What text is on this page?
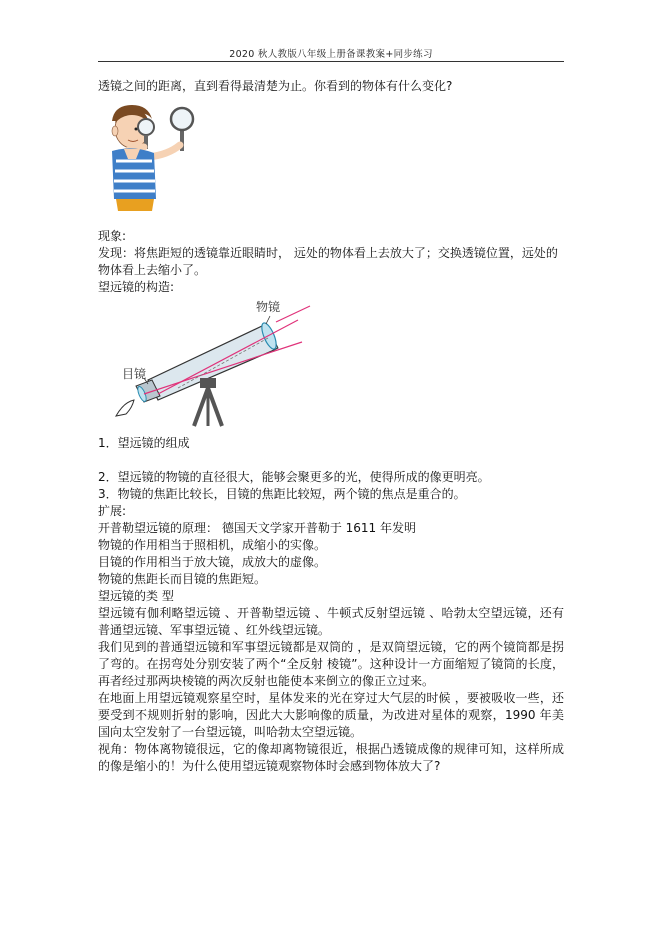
2020 秋人教版八年级上册备课教案+同步练习

透镜之间的距离，直到看得最清楚为止。你看到的物体有什么变化?

现象:

发现：将焦距短的透镜靠近眼睛时， 远处的物体看上去放大了；交换透镜位置，远处的

物体看上去缩小了。

望远镜的构造:

物镜
目镜

1．望远镜的组成

2．望远镜的物镜的直径很大，能够会聚更多的光，使得所成的像更明亮。

3．物镜的焦距比较长，目镜的焦距比较短，两个镜的焦点是重合的。

扩展:

开普勒望远镜的原理： 德国天文学家开普勒于 1611 年发明

物镜的作用相当于照相机，成缩小的实像。

目镜的作用相当于放大镜，成放大的虚像。

物镜的焦距长而目镜的焦距短。

望远镜的类 型

望远镜有伽利略望远镜 、开普勒望远镜 、牛顿式反射望远镜 、哈勃太空望远镜，还有普通望远镜、军事望远镜 、红外线望远镜。

我们见到的普通望远镜和军事望远镜都是双筒的 ，是双筒望远镜，它的两个镜筒都是拐了弯的。在拐弯处分别安装了两个“全反射 棱镜”。这种设计一方面缩短了镜筒的长度，再者经过那两块棱镜的两次反射也能使本来倒立的像正立过来。

在地面上用望远镜观察星空时，星体发来的光在穿过大气层的时候 ，要被吸收一些，还要受到不规则折射的影响，因此大大影响像的质量，为改进对星体的观察，1990 年美国向太空发射了一台望远镜，叫哈勃太空望远镜。

视角：物体离物镜很远，它的像却离物镜很近，根据凸透镜成像的规律可知，这样所成的像是缩小的！为什么使用望远镜观察物体时会感到物体放大了?
